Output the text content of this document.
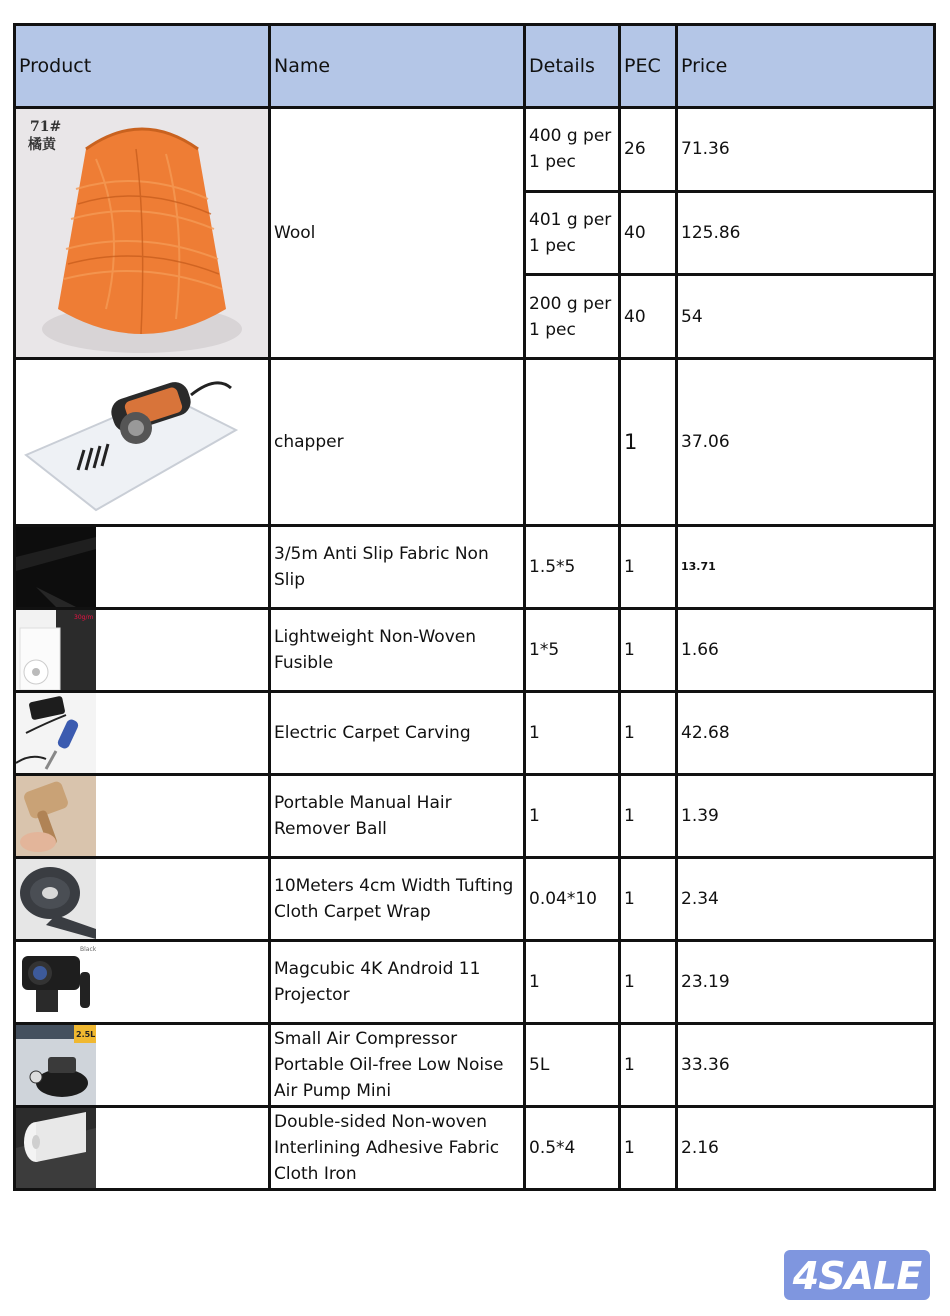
Product	Name	Details	PEC	Price

71#
橘黄	Wool	400 g per 1 pec	26	71.36
		401 g per 1 pec	40	125.86
		200 g per 1 pec	40	54

	chapper		1	37.06

	3/5m Anti Slip Fabric Non Slip	1.5*5	1	13.71

30g/m	Lightweight Non-Woven Fusible	1*5	1	1.66

	Electric Carpet Carving	1	1	42.68

	Portable Manual Hair Remover Ball	1	1	1.39

	10Meters 4cm Width Tufting Cloth Carpet Wrap	0.04*10	1	2.34

Black	Magcubic 4K Android 11 Projector	1	1	23.19

2.5L	Small Air Compressor Portable Oil-free Low Noise Air Pump Mini	5L	1	33.36

	Double-sided Non-woven Interlining Adhesive Fabric Cloth Iron	0.5*4	1	2.16
4SALE
